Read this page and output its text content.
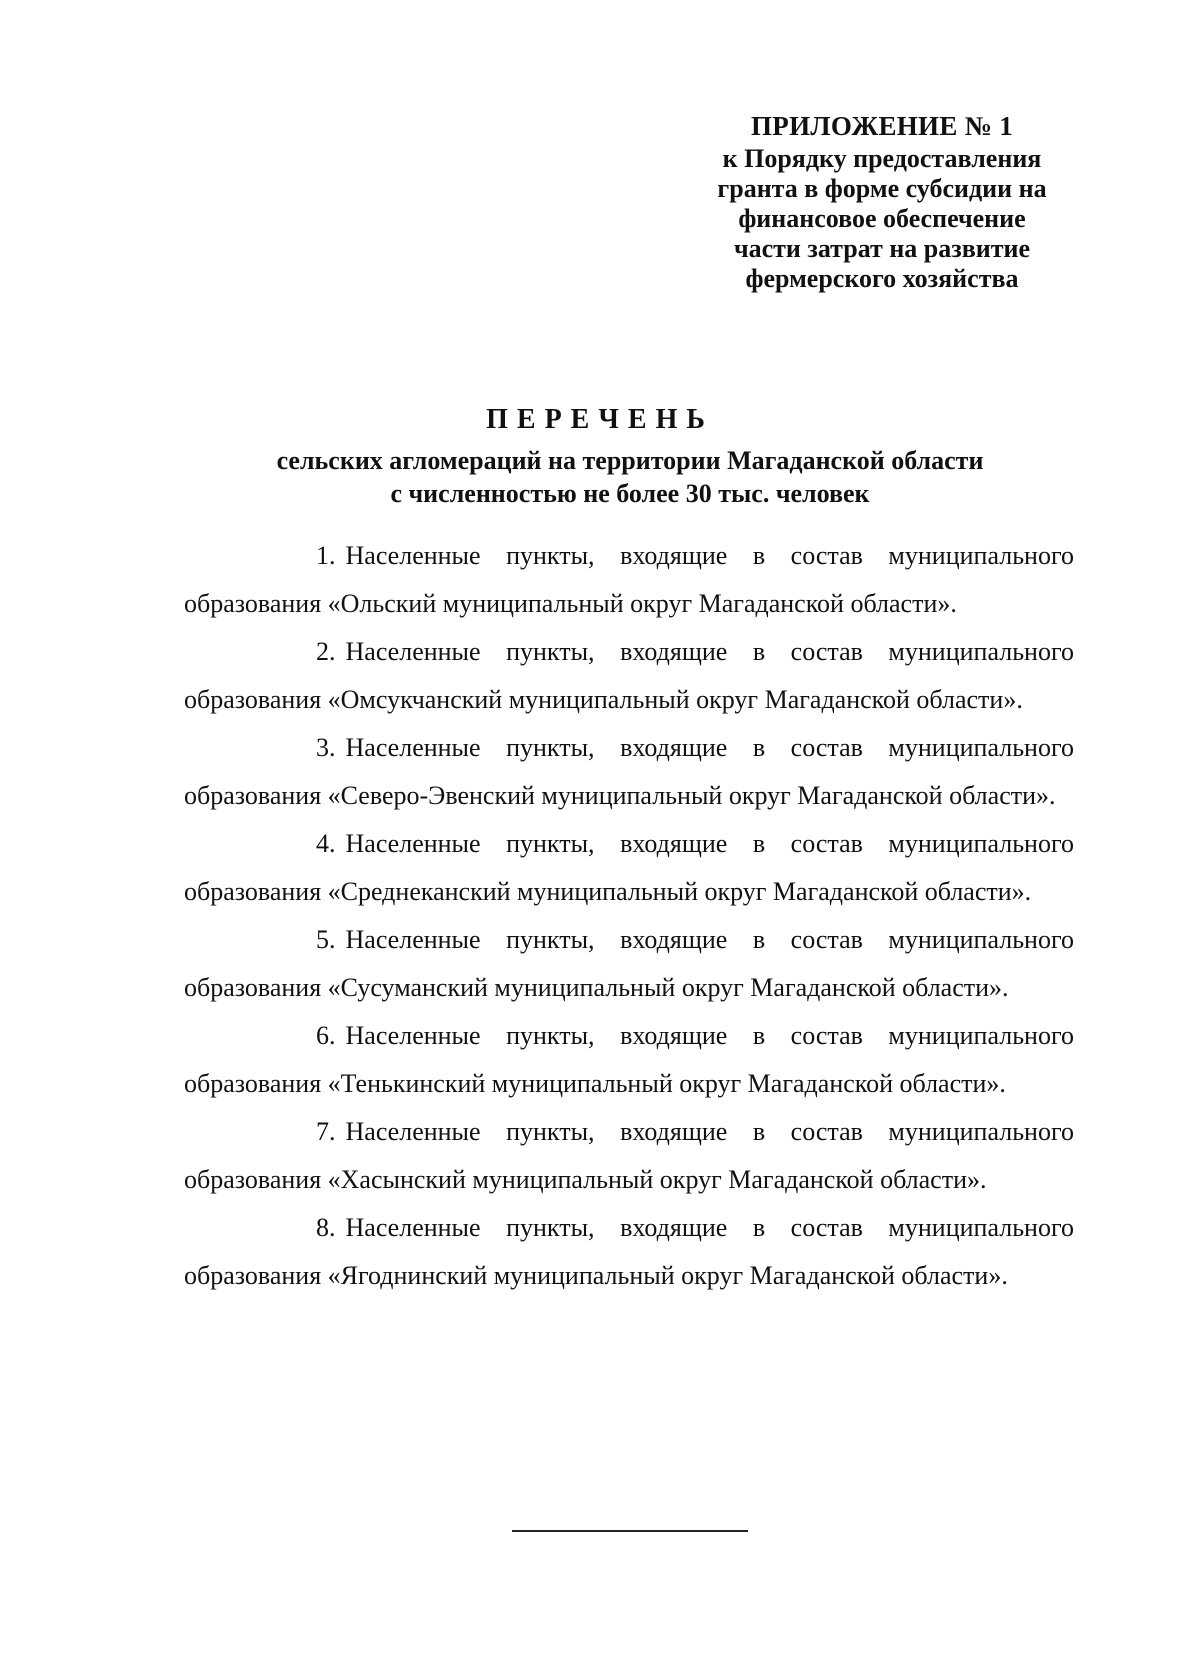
ПРИЛОЖЕНИЕ № 1
к Порядку предоставления
гранта в форме субсидии на
финансовое обеспечение
части затрат на развитие
фермерского хозяйства
ПЕРЕЧЕНЬ
сельских агломераций на территории Магаданской области
с численностью не более 30 тыс. человек

1. Населенные пункты, входящие в состав муниципального образования «Ольский муниципальный округ Магаданской области».

2. Населенные пункты, входящие в состав муниципального образования «Омсукчанский муниципальный округ Магаданской области».

3. Населенные пункты, входящие в состав муниципального образования «Северо-Эвенский муниципальный округ Магаданской области».

4. Населенные пункты, входящие в состав муниципального образования «Среднеканский муниципальный округ Магаданской области».

5. Населенные пункты, входящие в состав муниципального образования «Сусуманский муниципальный округ Магаданской области».

6. Населенные пункты, входящие в состав муниципального образования «Тенькинский муниципальный округ Магаданской области».

7. Населенные пункты, входящие в состав муниципального образования «Хасынский муниципальный округ Магаданской области».

8. Населенные пункты, входящие в состав муниципального образования «Ягоднинский муниципальный округ Магаданской области».
